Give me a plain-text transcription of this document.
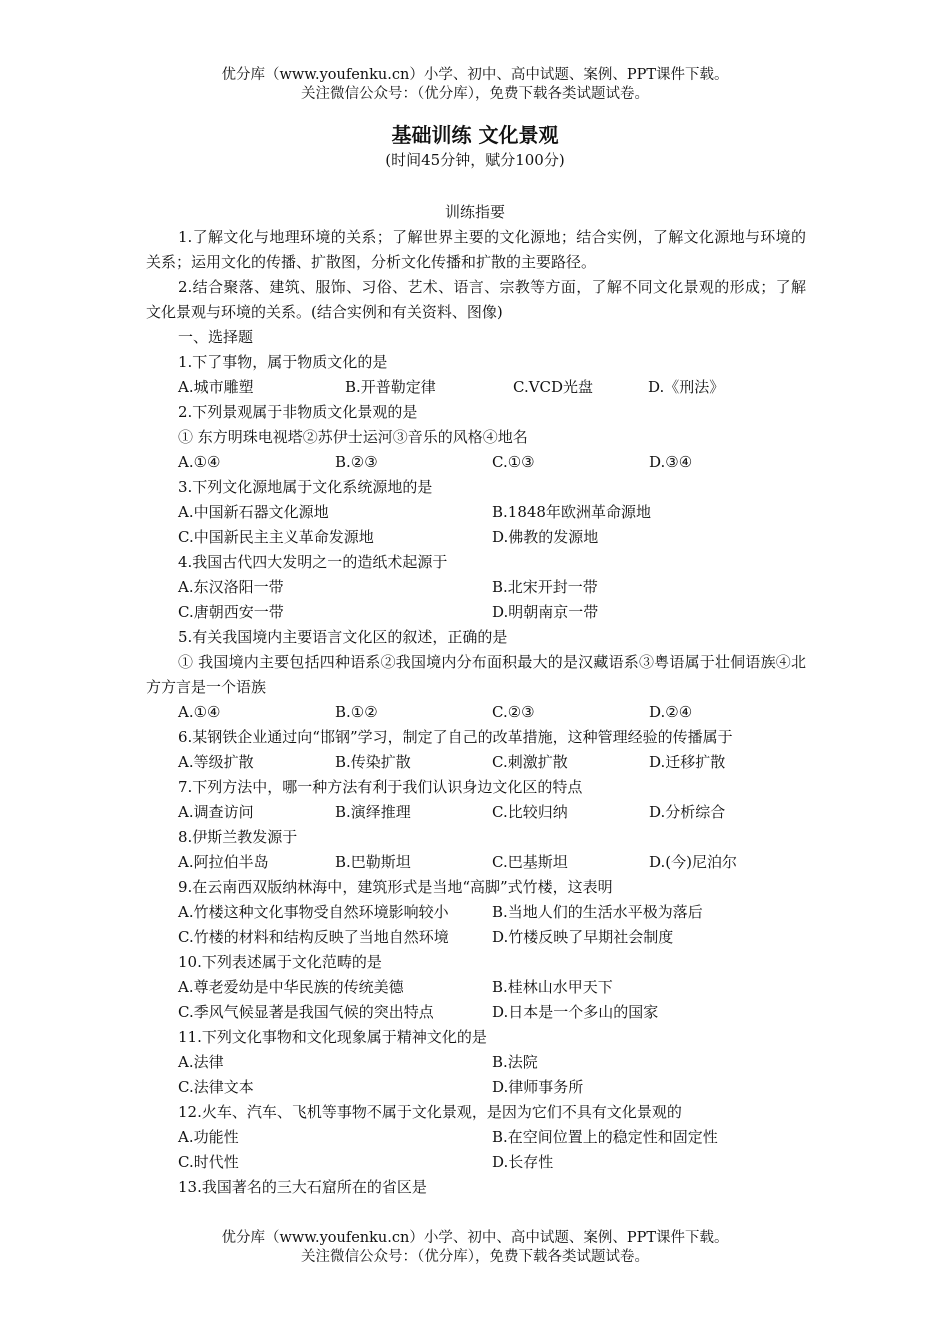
优分库（www.youfenku.cn）小学、初中、高中试题、案例、PPT课件下载。
关注微信公众号：（优分库），免费下载各类试题试卷。
基础训练 文化景观
(时间45分钟，赋分100分)
训练指要

1.了解文化与地理环境的关系；了解世界主要的文化源地；结合实例，了解文化源地与环境的关系；运用文化的传播、扩散图，分析文化传播和扩散的主要路径。

2.结合聚落、建筑、服饰、习俗、艺术、语言、宗教等方面，了解不同文化景观的形成；了解文化景观与环境的关系。(结合实例和有关资料、图像)

一、选择题

1.下了事物，属于物质文化的是

A.城市雕塑	B.开普勒定律	C.VCD光盘	D.《刑法》

2.下列景观属于非物质文化景观的是

① 东方明珠电视塔②苏伊士运河③音乐的风格④地名

A.①④	B.②③	C.①③	D.③④

3.下列文化源地属于文化系统源地的是

A.中国新石器文化源地	B.1848年欧洲革命源地
C.中国新民主主义革命发源地	D.佛教的发源地

4.我国古代四大发明之一的造纸术起源于

A.东汉洛阳一带	B.北宋开封一带
C.唐朝西安一带	D.明朝南京一带

5.有关我国境内主要语言文化区的叙述，正确的是

① 我国境内主要包括四种语系②我国境内分布面积最大的是汉藏语系③粤语属于壮侗语族④北方方言是一个语族

A.①④	B.①②	C.②③	D.②④

6.某钢铁企业通过向“邯钢”学习，制定了自己的改革措施，这种管理经验的传播属于

A.等级扩散	B.传染扩散	C.刺激扩散	D.迁移扩散

7.下列方法中，哪一种方法有利于我们认识身边文化区的特点

A.调查访问	B.演绎推理	C.比较归纳	D.分析综合

8.伊斯兰教发源于

A.阿拉伯半岛	B.巴勒斯坦	C.巴基斯坦	D.(今)尼泊尔

9.在云南西双版纳林海中，建筑形式是当地“高脚”式竹楼，这表明

A.竹楼这种文化事物受自然环境影响较小	B.当地人们的生活水平极为落后
C.竹楼的材料和结构反映了当地自然环境	D.竹楼反映了早期社会制度

10.下列表述属于文化范畴的是

A.尊老爱幼是中华民族的传统美德	B.桂林山水甲天下
C.季风气候显著是我国气候的突出特点	D.日本是一个多山的国家

11.下列文化事物和文化现象属于精神文化的是

A.法律	B.法院
C.法律文本	D.律师事务所

12.火车、汽车、飞机等事物不属于文化景观，是因为它们不具有文化景观的

A.功能性	B.在空间位置上的稳定性和固定性
C.时代性	D.长存性

13.我国著名的三大石窟所在的省区是

优分库（www.youfenku.cn）小学、初中、高中试题、案例、PPT课件下载。
关注微信公众号：（优分库），免费下载各类试题试卷。
